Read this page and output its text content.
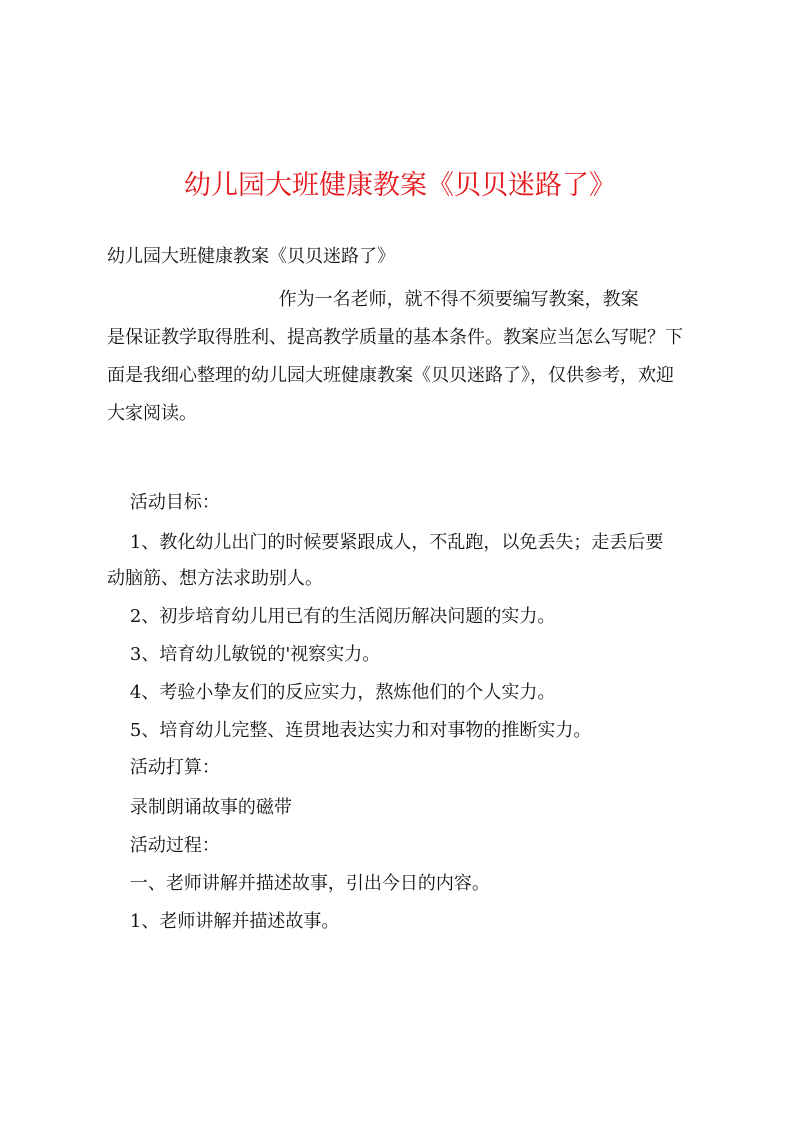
幼儿园大班健康教案《贝贝迷路了》
幼儿园大班健康教案《贝贝迷路了》
作为一名老师，就不得不须要编写教案，教案
是保证教学取得胜利、提高教学质量的基本条件。教案应当怎么写呢？下
面是我细心整理的幼儿园大班健康教案《贝贝迷路了》，仅供参考，欢迎
大家阅读。
活动目标：
1、教化幼儿出门的时候要紧跟成人，不乱跑，以免丢失；走丢后要
动脑筋、想方法求助别人。
2、初步培育幼儿用已有的生活阅历解决问题的实力。
3、培育幼儿敏锐的'视察实力。
4、考验小挚友们的反应实力，熬炼他们的个人实力。
5、培育幼儿完整、连贯地表达实力和对事物的推断实力。
活动打算：
录制朗诵故事的磁带
活动过程：
一、老师讲解并描述故事，引出今日的内容。
1、老师讲解并描述故事。
